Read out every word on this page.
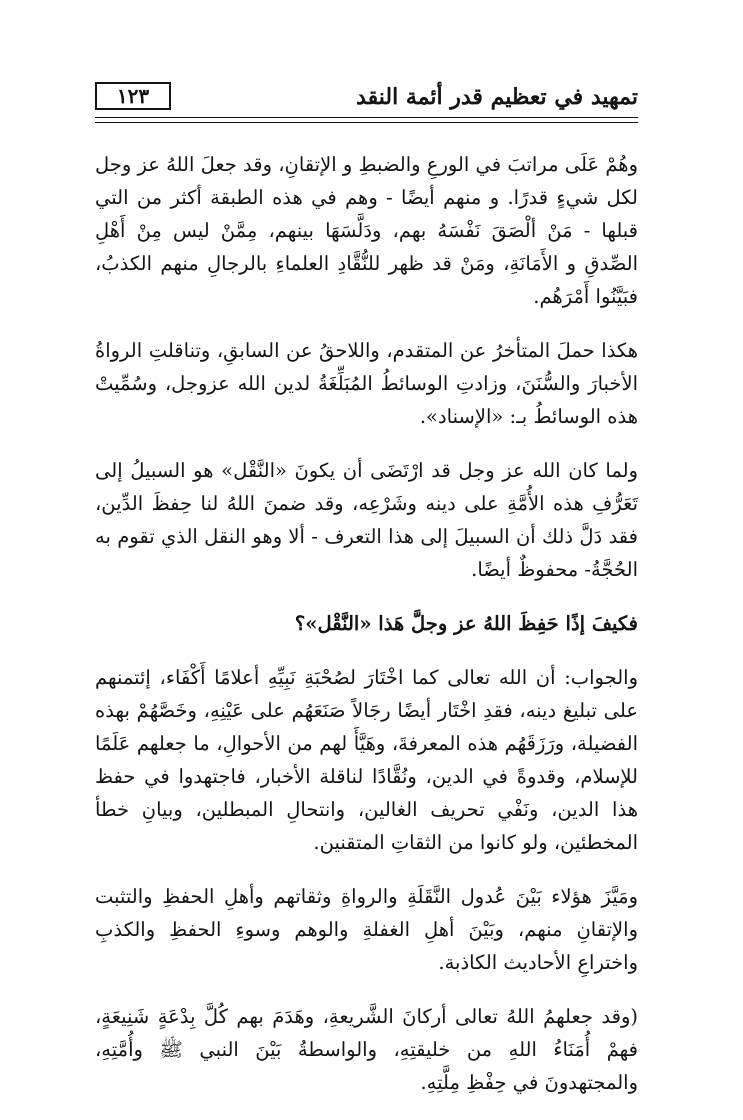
تمهيد في تعظيم قدر أئمة النقد
١٢٣

وهُمْ عَلَى مراتبَ في الورعِ والضبطِ و الإتقانِ، وقد جعلَ اللهُ عز وجل لكل شيءٍ قدرًا. و منهم أيضًا - وهم في هذه الطبقة أكثر من التي قبلها - مَنْ ألْصَقَ نَفْسَهُ بهم، ودَلَّسَهَا بينهم، مِمَّنْ ليس مِنْ أَهْلِ الصِّدقِ و الأَمَانَةِ، ومَنْ قد ظهر للنُّقَّادِ العلماءِ بالرجالِ منهم الكذبُ، فبَيَّنُوا أَمْرَهُم.

هكذا حملَ المتأخرُ عن المتقدم، واللاحقُ عن السابقِ، وتناقلتِ الرواةُ الأخبارَ والسُّنَنَ، وزادتِ الوسائطُ المُبَلِّغَةُ لدين الله عزوجل، وسُمِّيتْ هذه الوسائطُ بـ: «الإسناد».

ولما كان الله عز وجل قد ارْتَضَى أن يكونَ «النَّقْل» هو السبيلُ إلى تَعَرُّفِ هذه الأُمَّةِ على دينه وشَرْعِه، وقد ضمنَ اللهُ لنا حِفظَ الدِّين، فقد دَلَّ ذلك أن السبيلَ إلى هذا التعرف - ألا وهو النقل الذي تقوم به الحُجَّةُ- محفوظٌ أيضًا.

فكيفَ إذًا حَفِظَ اللهُ عز وجلَّ هَذا «النَّقْل»؟

والجواب: أن الله تعالى كما اخْتَارَ لصُحْبَةِ نَبِيِّهِ أعلامًا أَكْفَاء، إئتمنهم على تبليغ دينه، فقدِ اخْتَار أيضًا رجَالاً صَنَعَهُم على عَيْنِهِ، وخَصَّهُمْ بهذه الفضيلة، ورَزَقَهُم هذه المعرفةَ، وهَيَّأَ لهم من الأحوالِ، ما جعلهم عَلَمًا للإسلام، وقدوةً في الدين، ونُقَّادًا لناقلة الأخبار، فاجتهدوا في حفظ هذا الدين، ونَفْي تحريف الغالين، وانتحالِ المبطلين، وبيانِ خطأ المخطئين، ولو كانوا من الثقاتِ المتقنين.

ومَيَّزَ هؤلاء بَيْنَ عُدول النَّقَلَةِ والرواةِ وثقاتهم وأهلِ الحفظِ والتثبت والإتقانِ منهم، وبَيْنَ أهلِ الغفلةِ والوهم وسوءِ الحفظِ والكذبِ واختراعِ الأحاديث الكاذبة.

(وقد جعلهمُ اللهُ تعالى أركانَ الشَّريعةِ، وهَدَمَ بهم كُلَّ بِدْعَةٍ شَنِيعَةٍ، فهمْ أُمَنَاءُ اللهِ من خليقتِهِ، والواسطةُ بَيْنَ النبي ﷺ وأُمَّتِهِ، والمجتهدونَ في حِفْظِ مِلَّتِهِ.
